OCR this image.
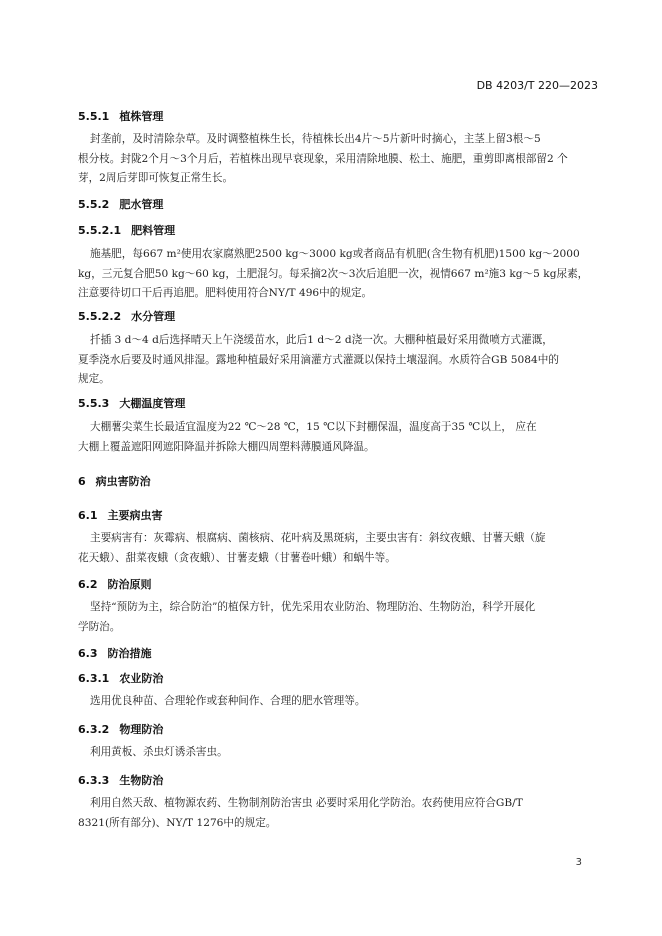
DB 4203/T 220—2023
5.5.1 植株管理
封垄前，及时清除杂草。及时调整植株生长，待植株长出4片～5片新叶时摘心，主茎上留3根～5
根分枝。封陇2个月～3个月后，若植株出现早衰现象，采用清除地膜、松土、施肥，重剪即离根部留2 个
芽，2周后芽即可恢复正常生长。
5.5.2 肥水管理
5.5.2.1 肥料管理
施基肥，每667 m²使用农家腐熟肥2500 kg～3000 kg或者商品有机肥(含生物有机肥)1500 kg～2000
kg，三元复合肥50 kg～60 kg，土肥混匀。每采摘2次～3次后追肥一次，视情667 m²施3 kg～5 kg尿素，
注意要待切口干后再追肥。肥料使用符合NY/T 496中的规定。
5.5.2.2 水分管理
扦插 3 d～4 d后选择晴天上午浇缓苗水，此后1 d～2 d浇一次。大棚种植最好采用微喷方式灌溉，
夏季浇水后要及时通风排湿。露地种植最好采用滴灌方式灌溉以保持土壤湿润。水质符合GB 5084中的
规定。
5.5.3 大棚温度管理
大棚薯尖菜生长最适宜温度为22 ℃～28 ℃，15 ℃以下封棚保温，温度高于35 ℃以上， 应在
大棚上覆盖遮阳网遮阳降温并拆除大棚四周塑料薄膜通风降温。
6 病虫害防治
6.1 主要病虫害
主要病害有：灰霉病、根腐病、菌核病、花叶病及黑斑病，主要虫害有：斜纹夜蛾、甘薯天蛾（旋
花天蛾）、甜菜夜蛾（贪夜蛾）、甘薯麦蛾（甘薯卷叶蛾）和蜗牛等。
6.2 防治原则
坚持“预防为主，综合防治”的植保方针，优先采用农业防治、物理防治、生物防治，科学开展化
学防治。
6.3 防治措施
6.3.1 农业防治
选用优良种苗、合理轮作或套种间作、合理的肥水管理等。
6.3.2 物理防治
利用黄板、杀虫灯诱杀害虫。
6.3.3 生物防治
利用自然天敌、植物源农药、生物制剂防治害虫 必要时采用化学防治。农药使用应符合GB/T
8321(所有部分)、NY/T 1276中的规定。
3
